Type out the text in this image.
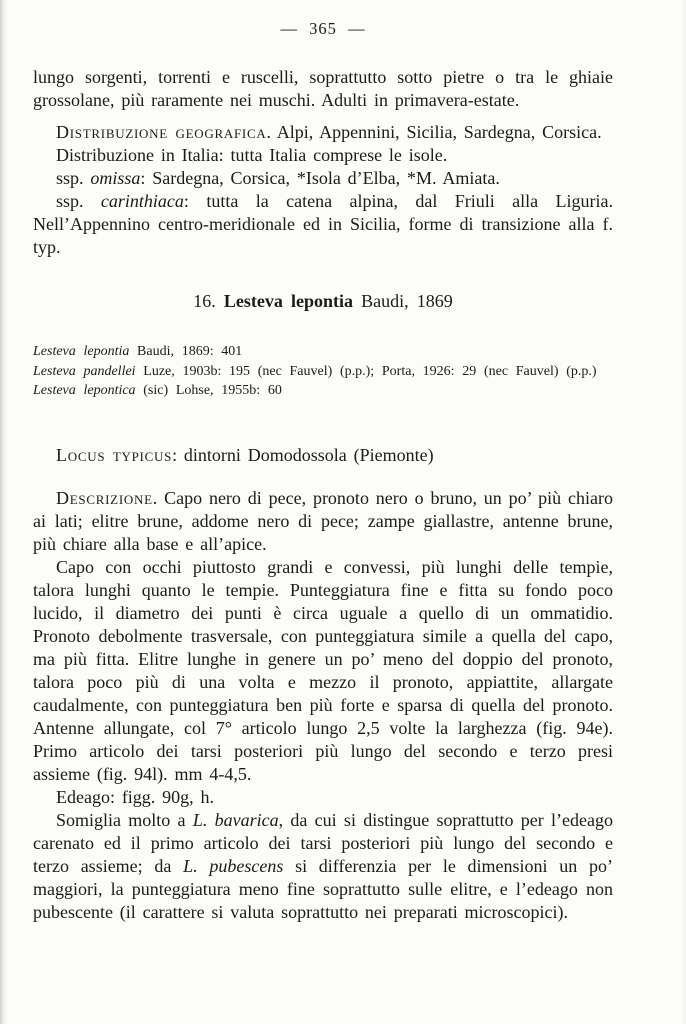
— 365 —

lungo sorgenti, torrenti e ruscelli, soprattutto sotto pietre o tra le ghiaie grossolane, più raramente nei muschi. Adulti in primavera-estate.

Distribuzione geografica. Alpi, Appennini, Sicilia, Sardegna, Corsica.

Distribuzione in Italia: tutta Italia comprese le isole.

ssp. omissa: Sardegna, Corsica, *Isola d’Elba, *M. Amiata.

ssp. carinthiaca: tutta la catena alpina, dal Friuli alla Liguria. Nell’Appennino centro-meridionale ed in Sicilia, forme di transizione alla f. typ.

16. Lesteva lepontia Baudi, 1869
Lesteva lepontia Baudi, 1869: 401
Lesteva pandellei Luze, 1903b: 195 (nec Fauvel) (p.p.); Porta, 1926: 29 (nec Fauvel) (p.p.)
Lesteva lepontica (sic) Lohse, 1955b: 60

Locus typicus: dintorni Domodossola (Piemonte)

Descrizione. Capo nero di pece, pronoto nero o bruno, un po’ più chiaro ai lati; elitre brune, addome nero di pece; zampe giallastre, antenne brune, più chiare alla base e all’apice.

Capo con occhi piuttosto grandi e convessi, più lunghi delle tempie, talora lunghi quanto le tempie. Punteggiatura fine e fitta su fondo poco lucido, il diametro dei punti è circa uguale a quello di un ommatidio. Pronoto debolmente trasversale, con punteggiatura simile a quella del capo, ma più fitta. Elitre lunghe in genere un po’ meno del doppio del pronoto, talora poco più di una volta e mezzo il pronoto, appiattite, allargate caudalmente, con punteggiatura ben più forte e sparsa di quella del pronoto. Antenne allungate, col 7° articolo lungo 2,5 volte la larghezza (fig. 94e). Primo articolo dei tarsi posteriori più lungo del secondo e terzo presi assieme (fig. 94l). mm 4-4,5.

Edeago: figg. 90g, h.

Somiglia molto a L. bavarica, da cui si distingue soprattutto per l’edeago carenato ed il primo articolo dei tarsi posteriori più lungo del secondo e terzo assieme; da L. pubescens si differenzia per le dimensioni un po’ maggiori, la punteggiatura meno fine soprattutto sulle elitre, e l’edeago non pubescente (il carattere si valuta soprattutto nei preparati microscopici).
